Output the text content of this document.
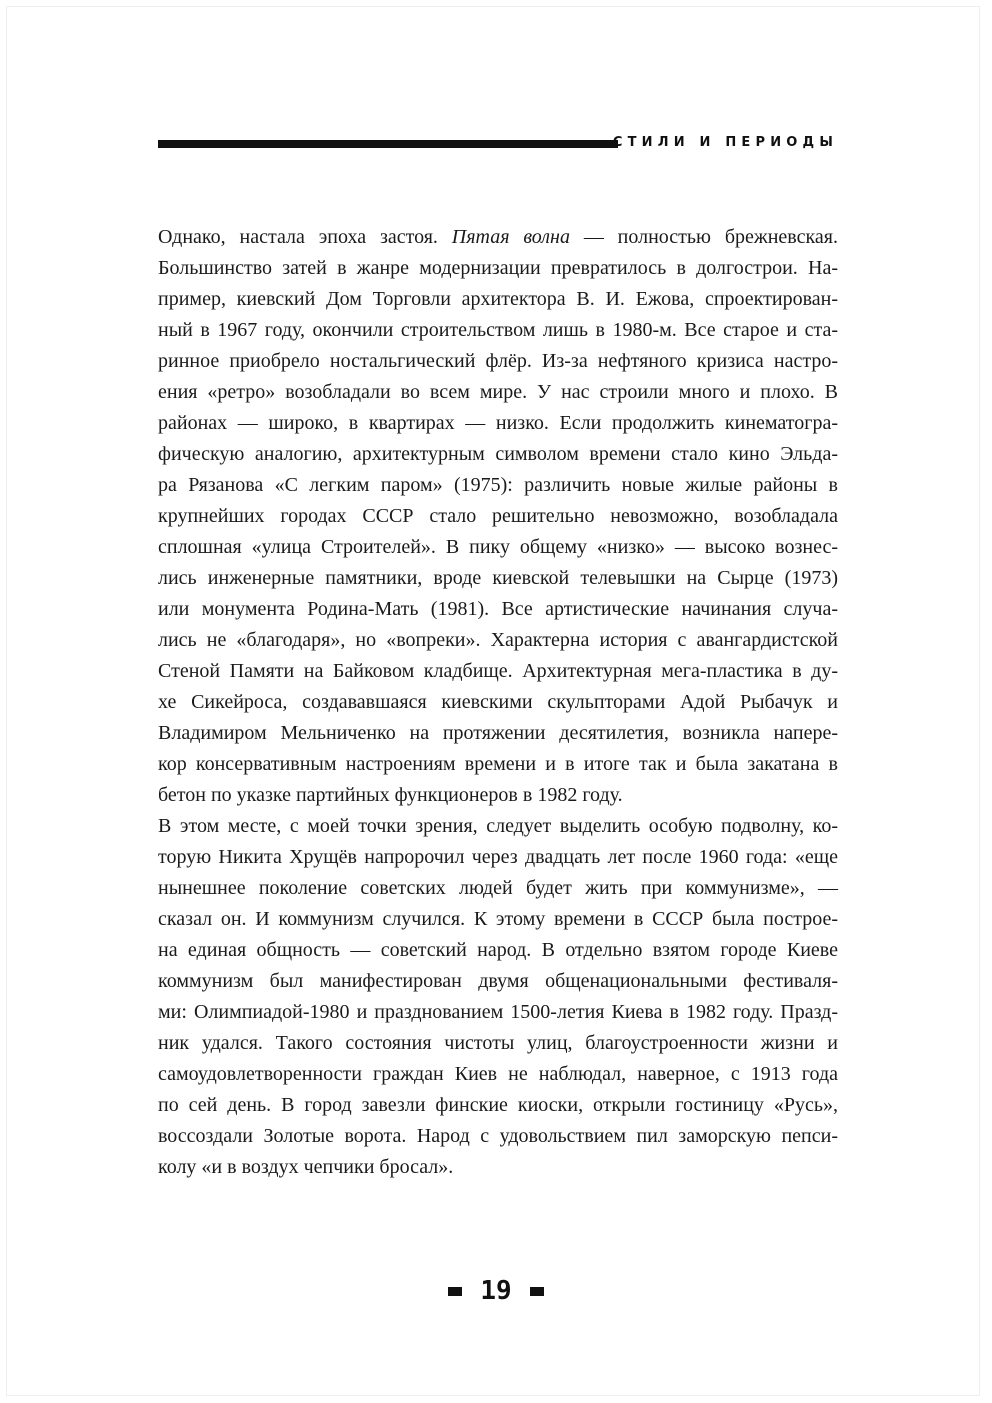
СТИЛИ И ПЕРИОДЫ
Однако, настала эпоха застоя. Пятая волна — полностью брежневская.
Большинство затей в жанре модернизации превратилось в долгострои. На-
пример, киевский Дом Торговли архитектора В. И. Ежова, спроектирован-
ный в 1967 году, окончили строительством лишь в 1980-м. Все старое и ста-
ринное приобрело ностальгический флёр. Из-за нефтяного кризиса настро-
ения «ретро» возобладали во всем мире. У нас строили много и плохо. В
районах — широко, в квартирах — низко. Если продолжить кинематогра-
фическую аналогию, архитектурным символом времени стало кино Эльда-
ра Рязанова «С легким паром» (1975): различить новые жилые районы в
крупнейших городах СССР стало решительно невозможно, возобладала
сплошная «улица Строителей». В пику общему «низко» — высоко вознес-
лись инженерные памятники, вроде киевской телевышки на Сырце (1973)
или монумента Родина-Мать (1981). Все артистические начинания случа-
лись не «благодаря», но «вопреки». Характерна история с авангардистской
Стеной Памяти на Байковом кладбище. Архитектурная мега-пластика в ду-
хе Сикейроса, создававшаяся киевскими скульпторами Адой Рыбачук и
Владимиром Мельниченко на протяжении десятилетия, возникла напере-
кор консервативным настроениям времени и в итоге так и была закатана в
бетон по указке партийных функционеров в 1982 году.
В этом месте, с моей точки зрения, следует выделить особую подволну, ко-
торую Никита Хрущёв напророчил через двадцать лет после 1960 года: «еще
нынешнее поколение советских людей будет жить при коммунизме», —
сказал он. И коммунизм случился. К этому времени в СССР была построе-
на единая общность — советский народ. В отдельно взятом городе Киеве
коммунизм был манифестирован двумя общенациональными фестиваля-
ми: Олимпиадой-1980 и празднованием 1500-летия Киева в 1982 году. Празд-
ник удался. Такого состояния чистоты улиц, благоустроенности жизни и
самоудовлетворенности граждан Киев не наблюдал, наверное, с 1913 года
по сей день. В город завезли финские киоски, открыли гостиницу «Русь»,
воссоздали Золотые ворота. Народ с удовольствием пил заморскую пепси-
колу «и в воздух чепчики бросал».
19
